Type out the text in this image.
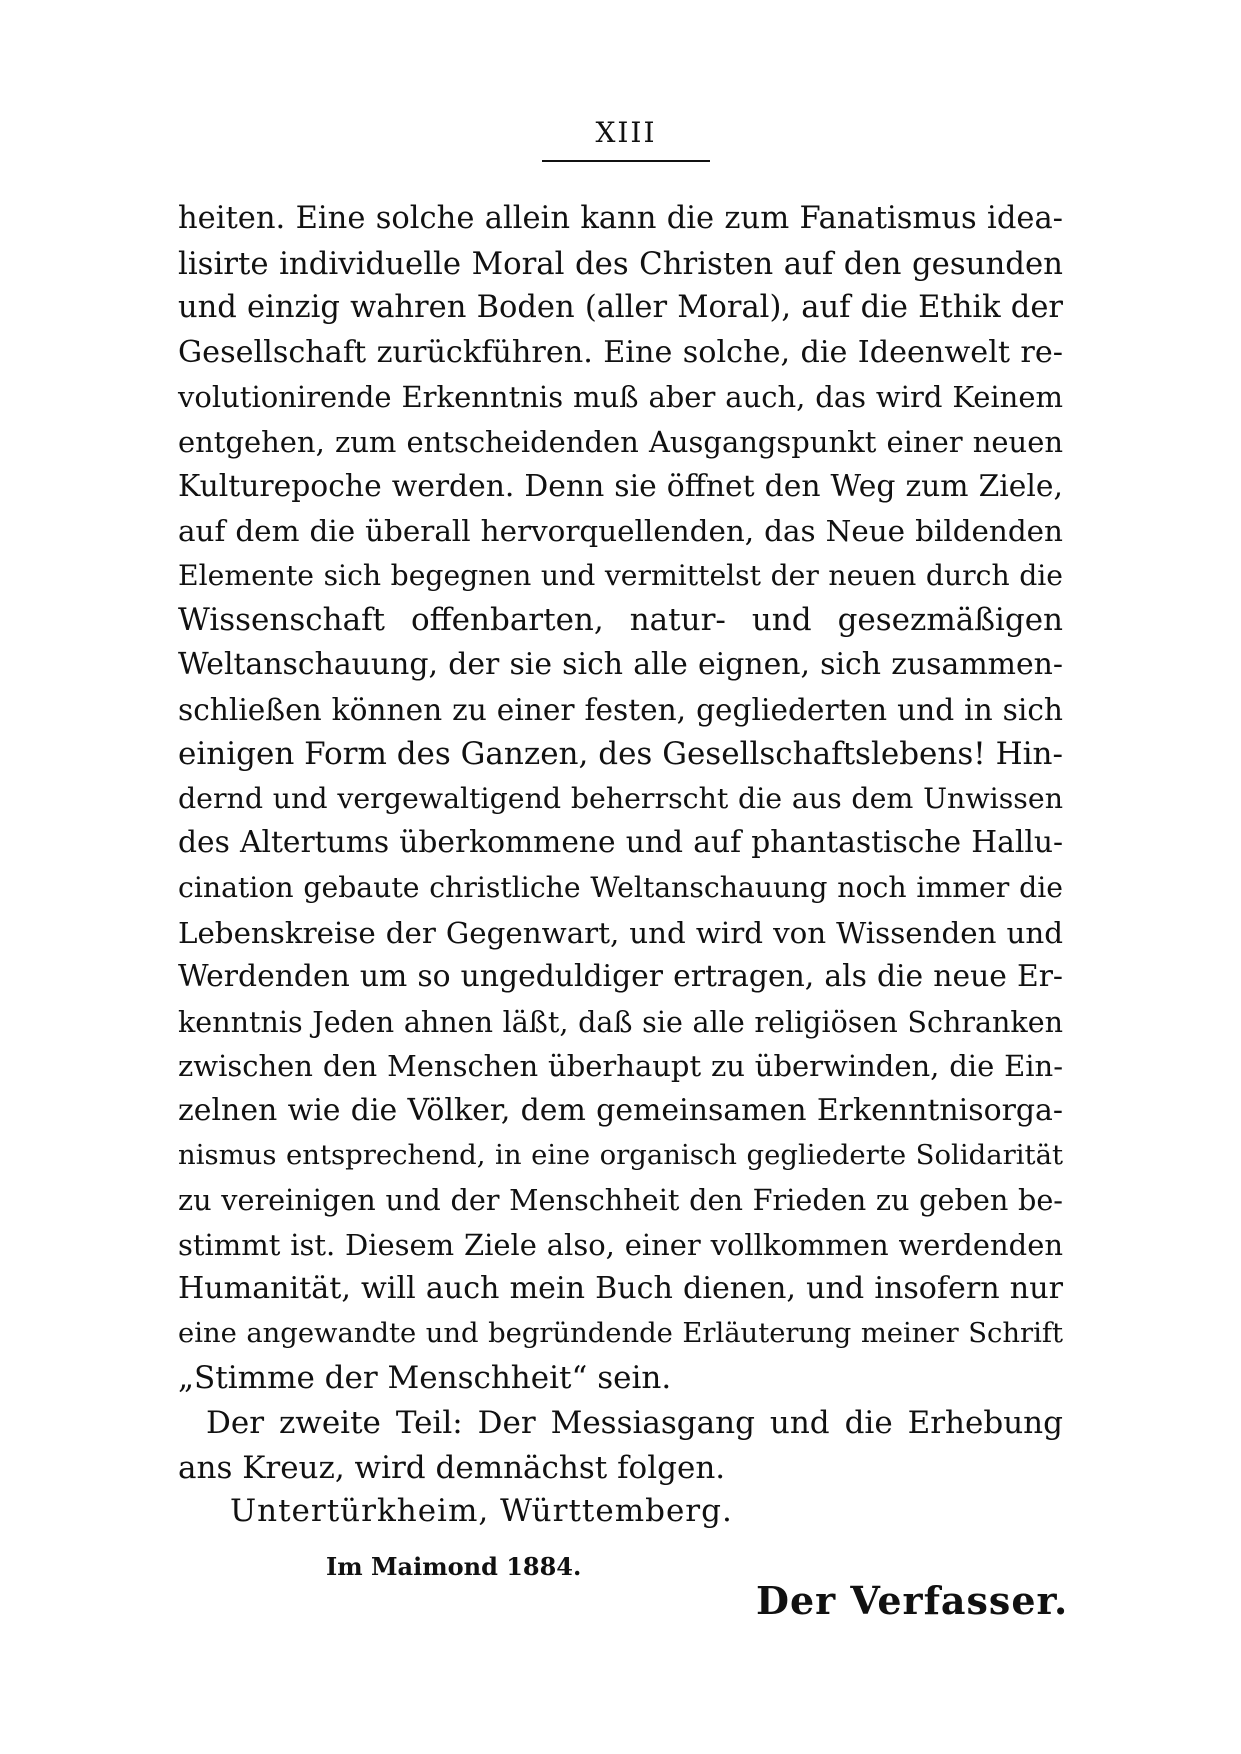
XIII
heiten. Eine solche allein kann die zum Fanatismus idea-
lisirte individuelle Moral des Christen auf den gesunden
und einzig wahren Boden (aller Moral), auf die Ethik der
Gesellschaft zurückführen. Eine solche, die Ideenwelt re-
volutionirende Erkenntnis muß aber auch, das wird Keinem
entgehen, zum entscheidenden Ausgangspunkt einer neuen
Kulturepoche werden. Denn sie öffnet den Weg zum Ziele,
auf dem die überall hervorquellenden, das Neue bildenden
Elemente sich begegnen und vermittelst der neuen durch die
Wissenschaft offenbarten, natur- und gesezmäßigen
Weltanschauung, der sie sich alle eignen, sich zusammen-
schließen können zu einer festen, gegliederten und in sich
einigen Form des Ganzen, des Gesellschaftslebens! Hin-
dernd und vergewaltigend beherrscht die aus dem Unwissen
des Altertums überkommene und auf phantastische Hallu-
cination gebaute christliche Weltanschauung noch immer die
Lebenskreise der Gegenwart, und wird von Wissenden und
Werdenden um so ungeduldiger ertragen, als die neue Er-
kenntnis Jeden ahnen läßt, daß sie alle religiösen Schranken
zwischen den Menschen überhaupt zu überwinden, die Ein-
zelnen wie die Völker, dem gemeinsamen Erkenntnisorga-
nismus entsprechend, in eine organisch gegliederte Solidarität
zu vereinigen und der Menschheit den Frieden zu geben be-
stimmt ist. Diesem Ziele also, einer vollkommen werdenden
Humanität, will auch mein Buch dienen, und insofern nur
eine angewandte und begründende Erläuterung meiner Schrift
„Stimme der Menschheit“ sein.
Der zweite Teil: Der Messiasgang und die Erhebung
ans Kreuz, wird demnächst folgen.
Untertürkheim, Württemberg.
Im Maimond 1884.
Der Verfasser.
